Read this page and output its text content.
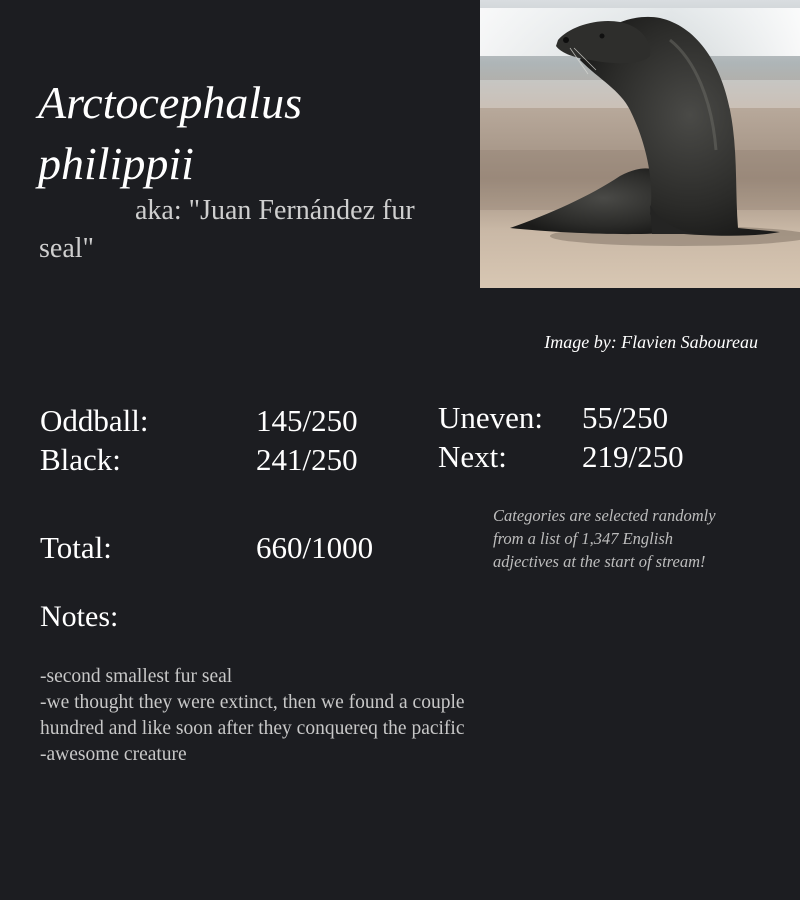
Arctocephalus philippii
aka: "Juan Fernández fur seal"
Image by: Flavien Saboureau
Oddball:	145/250
Black:	241/250
Uneven: 55/250
Next: 219/250
Total:	660/1000
Categories are selected randomly from a list of 1,347 English adjectives at the start of stream!
Notes:
-second smallest fur seal
-we thought they were extinct, then we found a couple hundred and like soon after they conquereq the pacific
-awesome creature
